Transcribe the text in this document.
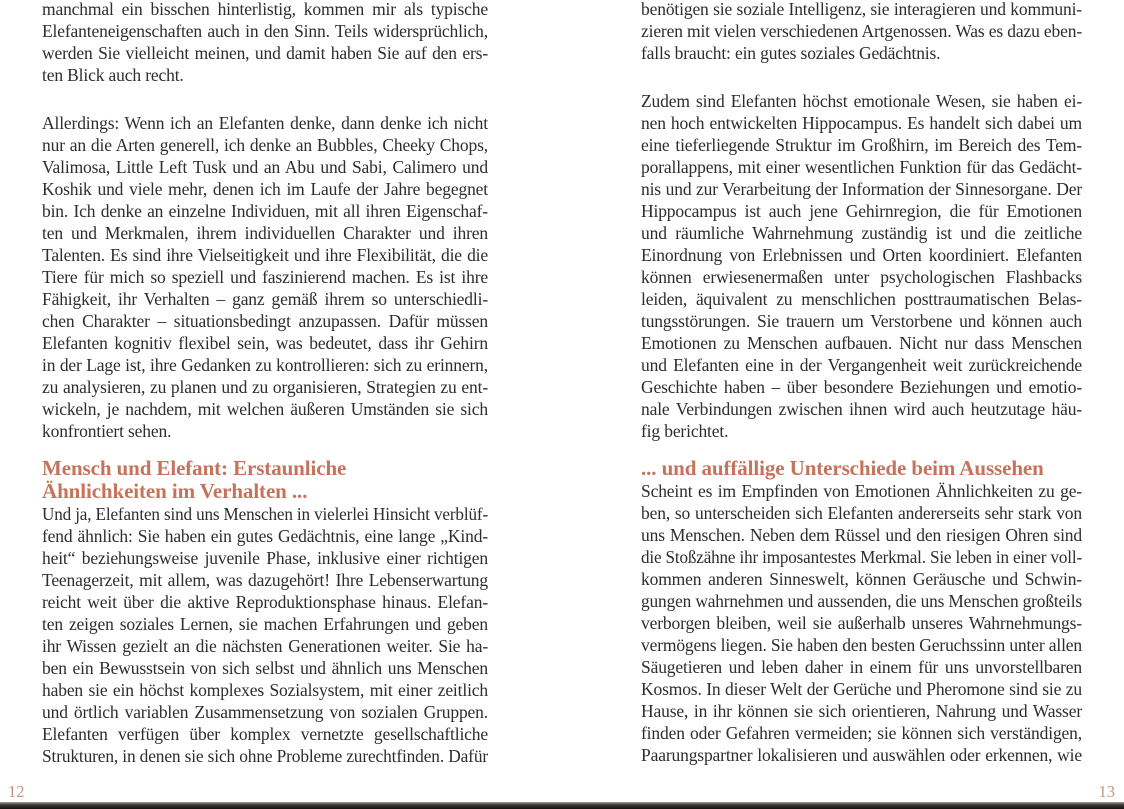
manchmal ein bisschen hinterlistig, kommen mir als typische
Elefanteneigenschaften auch in den Sinn. Teils widersprüchlich,
werden Sie vielleicht meinen, und damit haben Sie auf den ers-
ten Blick auch recht.
Allerdings: Wenn ich an Elefanten denke, dann denke ich nicht
nur an die Arten generell, ich denke an Bubbles, Cheeky Chops,
Valimosa, Little Left Tusk und an Abu und Sabi, Calimero und
Koshik und viele mehr, denen ich im Laufe der Jahre begegnet
bin. Ich denke an einzelne Individuen, mit all ihren Eigenschaf-
ten und Merkmalen, ihrem individuellen Charakter und ihren
Talenten. Es sind ihre Vielseitigkeit und ihre Flexibilität, die die
Tiere für mich so speziell und faszinierend machen. Es ist ihre
Fähigkeit, ihr Verhalten – ganz gemäß ihrem so unterschiedli-
chen Charakter – situationsbedingt anzupassen. Dafür müssen
Elefanten kognitiv flexibel sein, was bedeutet, dass ihr Gehirn
in der Lage ist, ihre Gedanken zu kontrollieren: sich zu erinnern,
zu analysieren, zu planen und zu organisieren, Strategien zu ent-
wickeln, je nachdem, mit welchen äußeren Umständen sie sich
konfrontiert sehen.
Mensch und Elefant: Erstaunliche
Ähnlichkeiten im Verhalten ...
Und ja, Elefanten sind uns Menschen in vielerlei Hinsicht verblüf-
fend ähnlich: Sie haben ein gutes Gedächtnis, eine lange „Kind-
heit“ beziehungsweise juvenile Phase, inklusive einer richtigen
Teenagerzeit, mit allem, was dazugehört! Ihre Lebenserwartung
reicht weit über die aktive Reproduktionsphase hinaus. Elefan-
ten zeigen soziales Lernen, sie machen Erfahrungen und geben
ihr Wissen gezielt an die nächsten Generationen weiter. Sie ha-
ben ein Bewusstsein von sich selbst und ähnlich uns Menschen
haben sie ein höchst komplexes Sozialsystem, mit einer zeitlich
und örtlich variablen Zusammensetzung von sozialen Gruppen.
Elefanten verfügen über komplex vernetzte gesellschaftliche
Strukturen, in denen sie sich ohne Probleme zurechtfinden. Dafür
12
benötigen sie soziale Intelligenz, sie interagieren und kommuni-
zieren mit vielen verschiedenen Artgenossen. Was es dazu eben-
falls braucht: ein gutes soziales Gedächtnis.
Zudem sind Elefanten höchst emotionale Wesen, sie haben ei-
nen hoch entwickelten Hippocampus. Es handelt sich dabei um
eine tieferliegende Struktur im Großhirn, im Bereich des Tem-
porallappens, mit einer wesentlichen Funktion für das Gedächt-
nis und zur Verarbeitung der Information der Sinnesorgane. Der
Hippocampus ist auch jene Gehirnregion, die für Emotionen
und räumliche Wahrnehmung zuständig ist und die zeitliche
Einordnung von Erlebnissen und Orten koordiniert. Elefanten
können erwiesenermaßen unter psychologischen Flashbacks
leiden, äquivalent zu menschlichen posttraumatischen Belas-
tungsstörungen. Sie trauern um Verstorbene und können auch
Emotionen zu Menschen aufbauen. Nicht nur dass Menschen
und Elefanten eine in der Vergangenheit weit zurückreichende
Geschichte haben – über besondere Beziehungen und emotio-
nale Verbindungen zwischen ihnen wird auch heutzutage häu-
fig berichtet.
... und auffällige Unterschiede beim Aussehen
Scheint es im Empfinden von Emotionen Ähnlichkeiten zu ge-
ben, so unterscheiden sich Elefanten andererseits sehr stark von
uns Menschen. Neben dem Rüssel und den riesigen Ohren sind
die Stoßzähne ihr imposantestes Merkmal. Sie leben in einer voll-
kommen anderen Sinneswelt, können Geräusche und Schwin-
gungen wahrnehmen und aussenden, die uns Menschen großteils
verborgen bleiben, weil sie außerhalb unseres Wahrnehmungs-
vermögens liegen. Sie haben den besten Geruchssinn unter allen
Säugetieren und leben daher in einem für uns unvorstellbaren
Kosmos. In dieser Welt der Gerüche und Pheromone sind sie zu
Hause, in ihr können sie sich orientieren, Nahrung und Wasser
finden oder Gefahren vermeiden; sie können sich verständigen,
Paarungspartner lokalisieren und auswählen oder erkennen, wie
13
